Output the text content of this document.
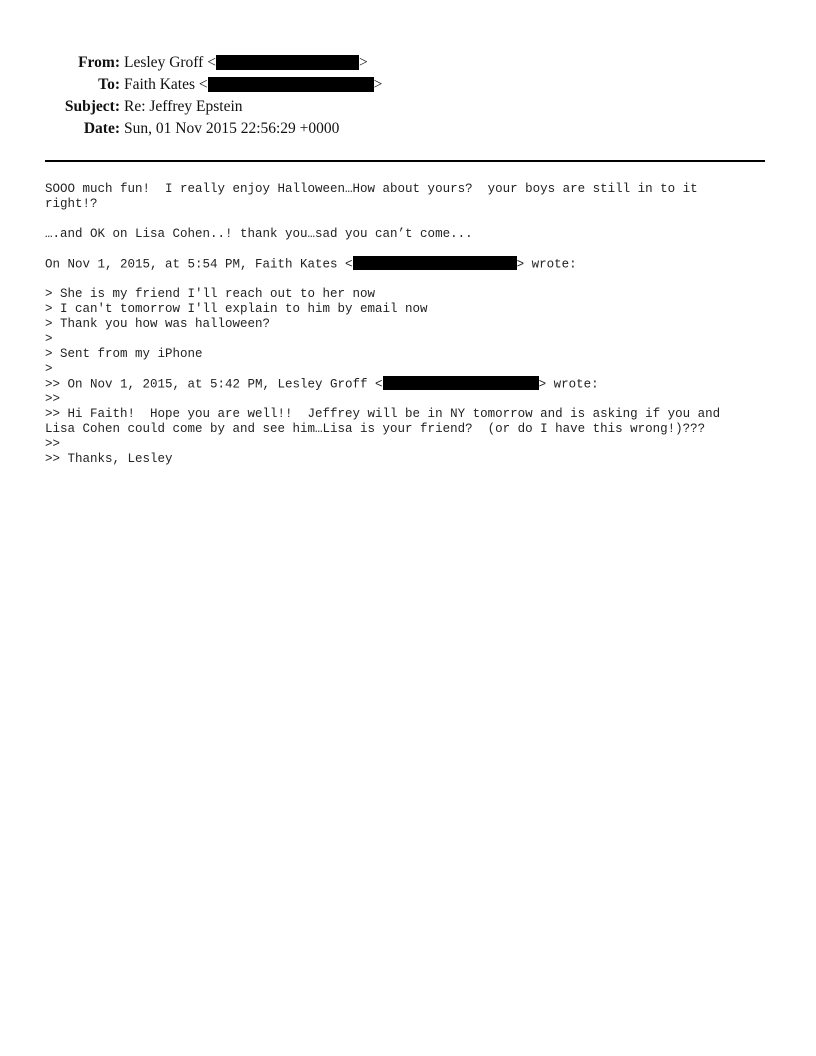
From: Lesley Groff <	>
To: Faith Kates <	>
Subject: Re: Jeffrey Epstein
Date: Sun, 01 Nov 2015 22:56:29 +0000
SOOO much fun!  I really enjoy Halloween…How about yours?  your boys are still in to it
right!?
….and OK on Lisa Cohen..! thank you…sad you can’t come...
On Nov 1, 2015, at 5:54 PM, Faith Kates <	> wrote:
> She is my friend I'll reach out to her now
> I can't tomorrow I'll explain to him by email now
> Thank you how was halloween?
>
> Sent from my iPhone
>
>> On Nov 1, 2015, at 5:42 PM, Lesley Groff <	> wrote:
>>
>> Hi Faith!  Hope you are well!!  Jeffrey will be in NY tomorrow and is asking if you and
Lisa Cohen could come by and see him…Lisa is your friend?  (or do I have this wrong!)???
>>
>> Thanks, Lesley
